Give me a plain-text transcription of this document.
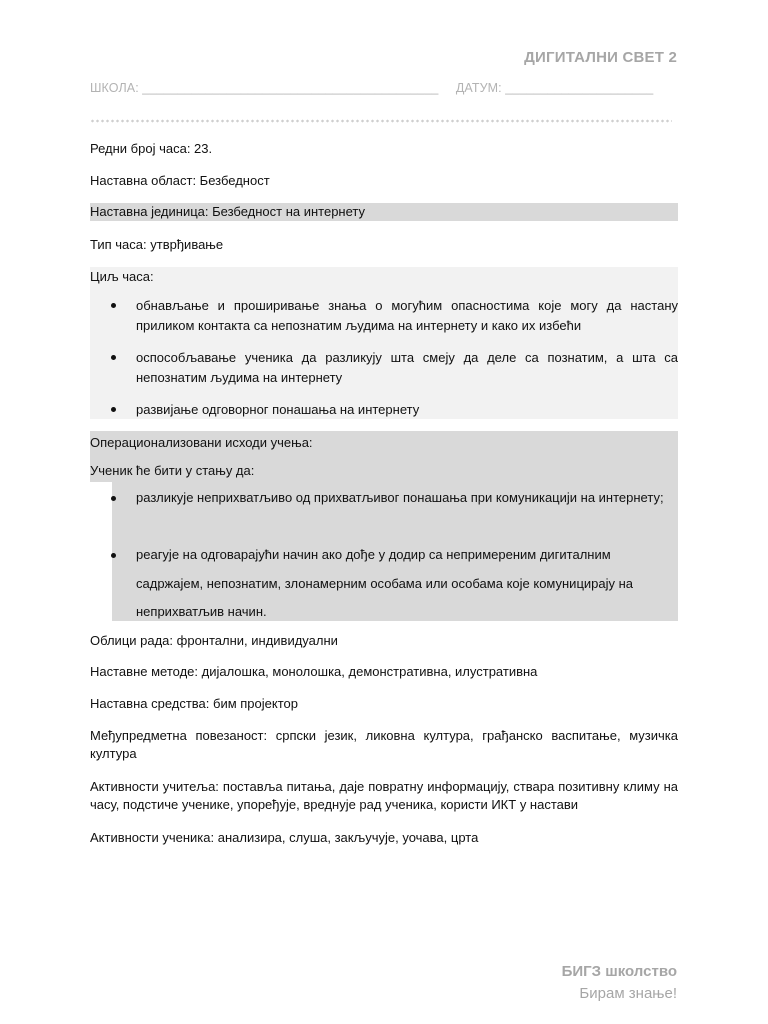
ДИГИТАЛНИ СВЕТ 2
ШКОЛА: __________________________________________ ДАТУМ: _____________________
Редни број часа: 23.
Наставна област: Безбедност
Наставна јединица: Безбедност на интернету
Тип часа: утврђивање
Циљ часа:
обнављање и проширивање знања о могућим опасностима које могу да настану приликом контакта са непознатим људима на интернету и како их избећи
оспособљавање ученика да разликују шта смеју да деле са познатим, а шта са непознатим људима на интернету
развијање одговорног понашања на интернету
Операционализовани исходи учења:
Ученик ће бити у стању да:
разликује неприхватљиво од прихватљивог понашања при комуникацији на интернету;
реагује на одговарајући начин ако дође у додир са непримереним дигиталним садржајем, непознатим, злонамерним особама или особама које комуницирају на неприхватљив начин.
Облици рада: фронтални, индивидуални
Наставне методе: дијалошка, монолошка, демонстративна, илустративна
Наставна средства: бим пројектор
Међупредметна повезаност: српски језик, ликовна култура, грађанско васпитање, музичка култура
Активности учитеља: поставља питања, даје повратну информацију, ствара позитивну климу на часу, подстиче ученике, упоређује, вреднује рад ученика, користи ИКТ у настави
Активности ученика: анализира, слуша, закључује, уочава, црта
БИГЗ школство
Бирам знање!
